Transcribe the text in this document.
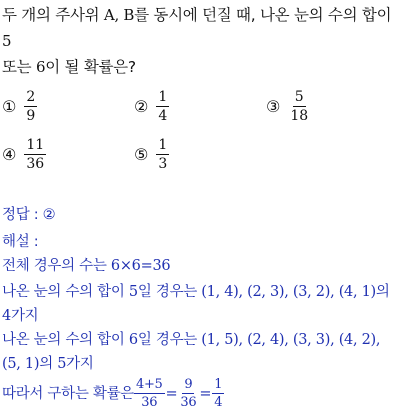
두 개의 주사위 A, B를 동시에 던질 때, 나온 눈의 수의 합이 5
또는 6이 될 확률은?
① $\frac{2}{9}$	② $\frac{1}{4}$	③ $\frac{5}{18}$
④ $\frac{11}{36}$	⑤ $\frac{1}{3}$
정답 : ②
해설 :
전체 경우의 수는 6×6=36
나온 눈의 수의 합이 5일 경우는 (1, 4), (2, 3), (3, 2), (4, 1)의
4가지
나온 눈의 수의 합이 6일 경우는 (1, 5), (2, 4), (3, 3), (4, 2),
(5, 1)의 5가지
따라서 구하는 확률은 $\frac{4+5}{36} = \frac{9}{36} = \frac{1}{4}$
